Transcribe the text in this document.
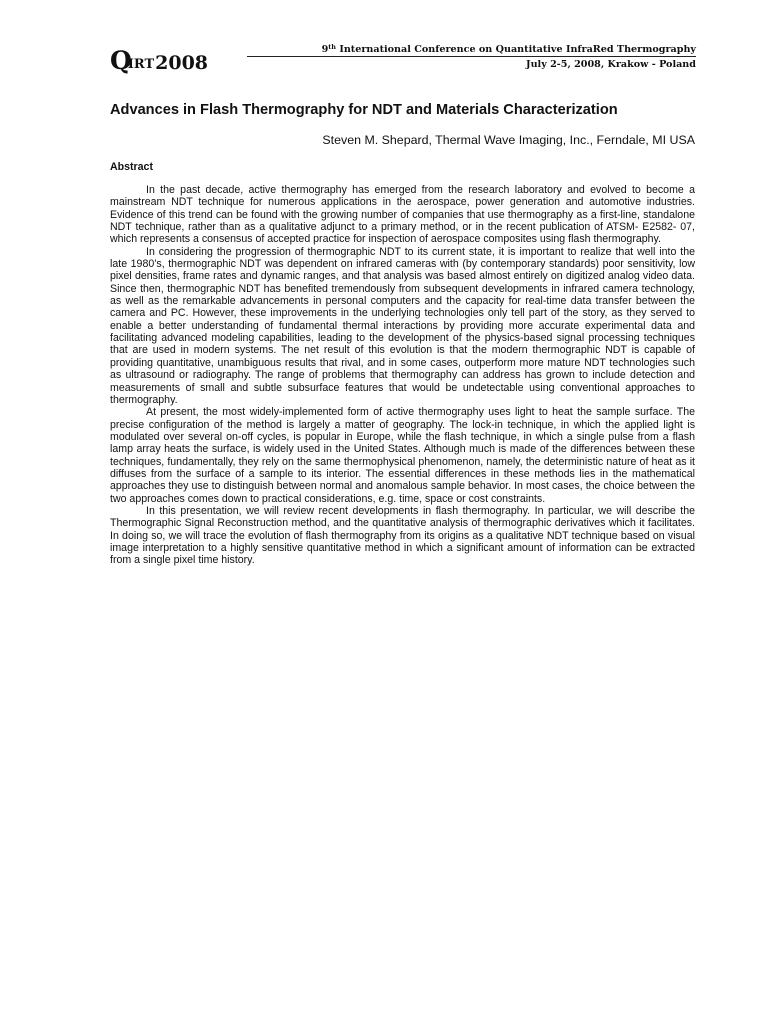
QIRT2008
9th International Conference on Quantitative InfraRed Thermography
July 2-5, 2008, Krakow - Poland
Advances in Flash Thermography for NDT and Materials Characterization
Steven M. Shepard, Thermal Wave Imaging, Inc., Ferndale, MI USA
Abstract

In the past decade, active thermography has emerged from the research laboratory and evolved to become a mainstream NDT technique for numerous applications in the aerospace, power generation and automotive industries. Evidence of this trend can be found with the growing number of companies that use thermography as a first-line, standalone NDT technique, rather than as a qualitative adjunct to a primary method, or in the recent publication of ATSM- E2582- 07, which represents a consensus of accepted practice for inspection of aerospace composites using flash thermography.

In considering the progression of thermographic NDT to its current state, it is important to realize that well into the late 1980’s, thermographic NDT was dependent on infrared cameras with (by contemporary standards) poor sensitivity, low pixel densities, frame rates and dynamic ranges, and that analysis was based almost entirely on digitized analog video data. Since then, thermographic NDT has benefited tremendously from subsequent developments in infrared camera technology, as well as the remarkable advancements in personal computers and the capacity for real-time data transfer between the camera and PC. However, these improvements in the underlying technologies only tell part of the story, as they served to enable a better understanding of fundamental thermal interactions by providing more accurate experimental data and facilitating advanced modeling capabilities, leading to the development of the physics-based signal processing techniques that are used in modern systems. The net result of this evolution is that the modern thermographic NDT is capable of providing quantitative, unambiguous results that rival, and in some cases, outperform more mature NDT technologies such as ultrasound or radiography. The range of problems that thermography can address has grown to include detection and measurements of small and subtle subsurface features that would be undetectable using conventional approaches to thermography.

At present, the most widely-implemented form of active thermography uses light to heat the sample surface. The precise configuration of the method is largely a matter of geography. The lock-in technique, in which the applied light is modulated over several on-off cycles, is popular in Europe, while the flash technique, in which a single pulse from a flash lamp array heats the surface, is widely used in the United States. Although much is made of the differences between these techniques, fundamentally, they rely on the same thermophysical phenomenon, namely, the deterministic nature of heat as it diffuses from the surface of a sample to its interior. The essential differences in these methods lies in the mathematical approaches they use to distinguish between normal and anomalous sample behavior. In most cases, the choice between the two approaches comes down to practical considerations, e.g. time, space or cost constraints.

In this presentation, we will review recent developments in flash thermography. In particular, we will describe the Thermographic Signal Reconstruction method, and the quantitative analysis of thermographic derivatives which it facilitates. In doing so, we will trace the evolution of flash thermography from its origins as a qualitative NDT technique based on visual image interpretation to a highly sensitive quantitative method in which a significant amount of information can be extracted from a single pixel time history.
